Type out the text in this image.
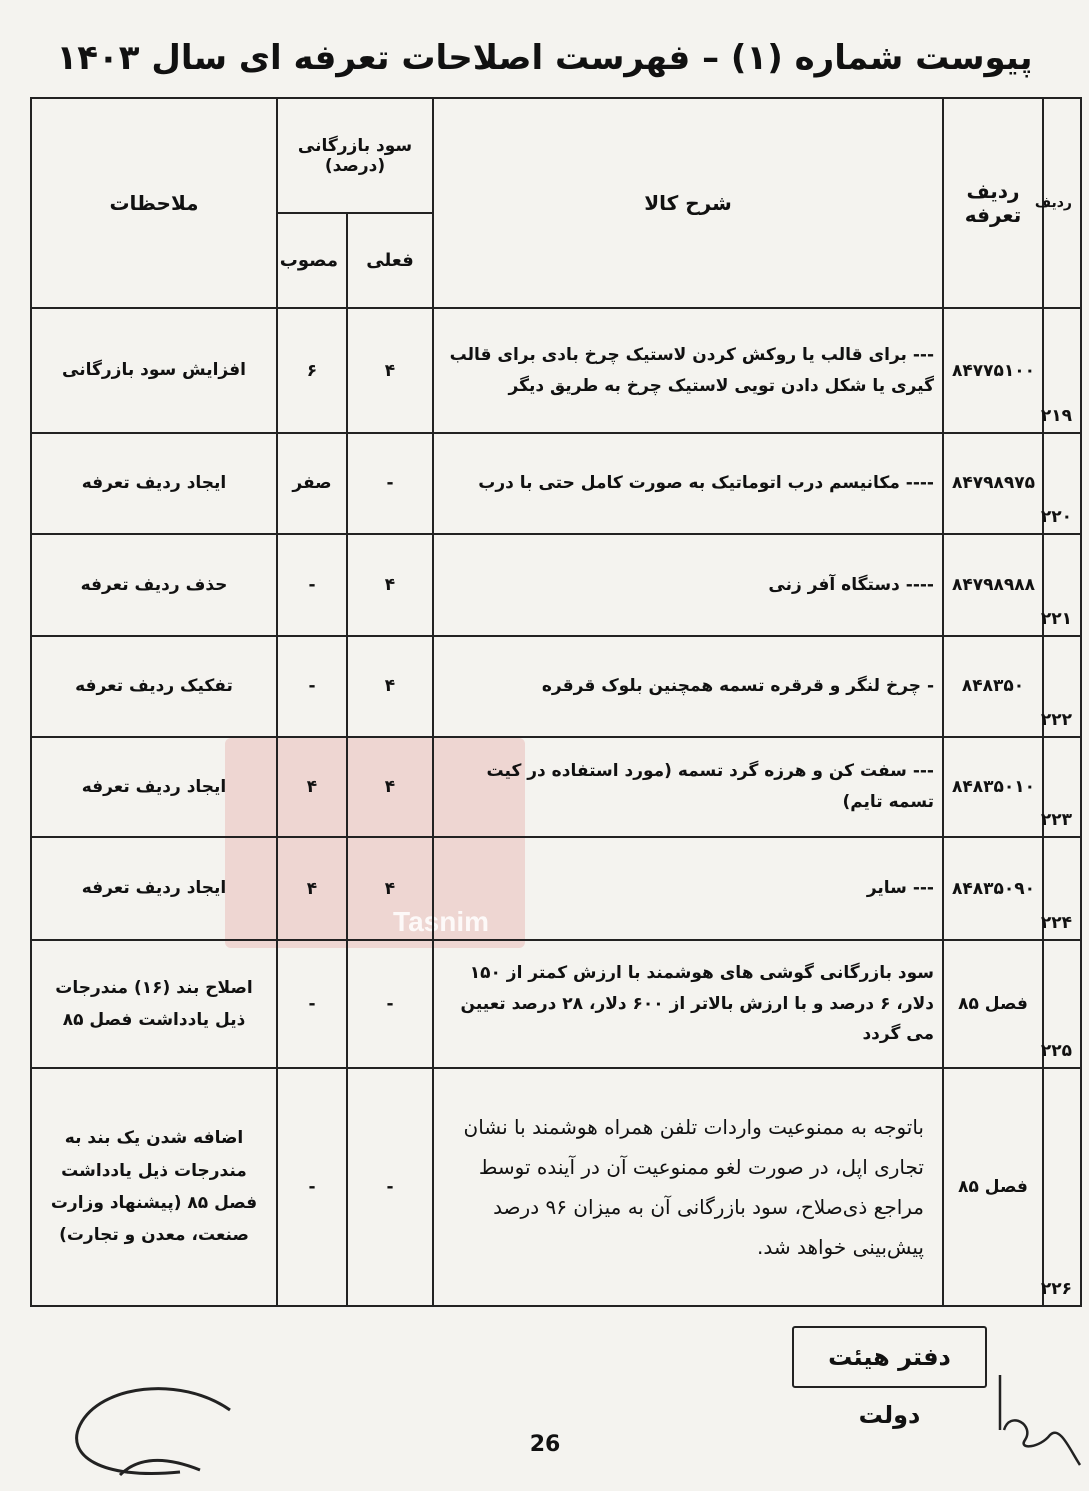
پیوست شماره (۱) – فهرست اصلاحات تعرفه ای سال ۱۴۰۳
Tasnim
ردیف	ردیف تعرفه	شرح کالا	سود بازرگانی (درصد)		ملاحظات
			فعلی	مصوب	
۲۱۹	۸۴۷۷۵۱۰۰	--- برای قالب یا روکش کردن لاستیک چرخ بادی برای قالب گیری یا شکل دادن تویی لاستیک چرخ به طریق دیگر	۴	۶	افزایش سود بازرگانی
۲۲۰	۸۴۷۹۸۹۷۵	---- مکانیسم درب اتوماتیک به صورت کامل حتی با درب	-	صفر	ایجاد ردیف تعرفه
۲۲۱	۸۴۷۹۸۹۸۸	---- دستگاه آفر زنی	۴	-	حذف ردیف تعرفه
۲۲۲	۸۴۸۳۵۰	- چرخ لنگر و قرقره تسمه همچنین بلوک قرقره	۴	-	تفکیک ردیف تعرفه
۲۲۳	۸۴۸۳۵۰۱۰	--- سفت کن و هرزه گرد تسمه (مورد استفاده در کیت تسمه تایم)	۴	۴	ایجاد ردیف تعرفه
۲۲۴	۸۴۸۳۵۰۹۰	--- سایر	۴	۴	ایجاد ردیف تعرفه
۲۲۵	فصل ۸۵	سود بازرگانی گوشی های هوشمند با ارزش کمتر از ۱۵۰ دلار، ۶ درصد و با ارزش بالاتر از ۶۰۰ دلار، ۲۸ درصد تعیین می گردد	-	-	اصلاح بند (۱۶) مندرجات ذیل یادداشت فصل ۸۵
۲۲۶	فصل ۸۵	باتوجه به ممنوعیت واردات تلفن همراه هوشمند با نشان تجاری اپل، در صورت لغو ممنوعیت آن در آینده توسط مراجع ذی‌صلاح، سود بازرگانی آن به میزان ۹۶ درصد پیش‌بینی خواهد شد.	-	-	اضافه شدن یک بند به مندرجات ذیل یادداشت فصل ۸۵ (پیشنهاد وزارت صنعت، معدن و تجارت)
دفتر هیئت دولت
26
